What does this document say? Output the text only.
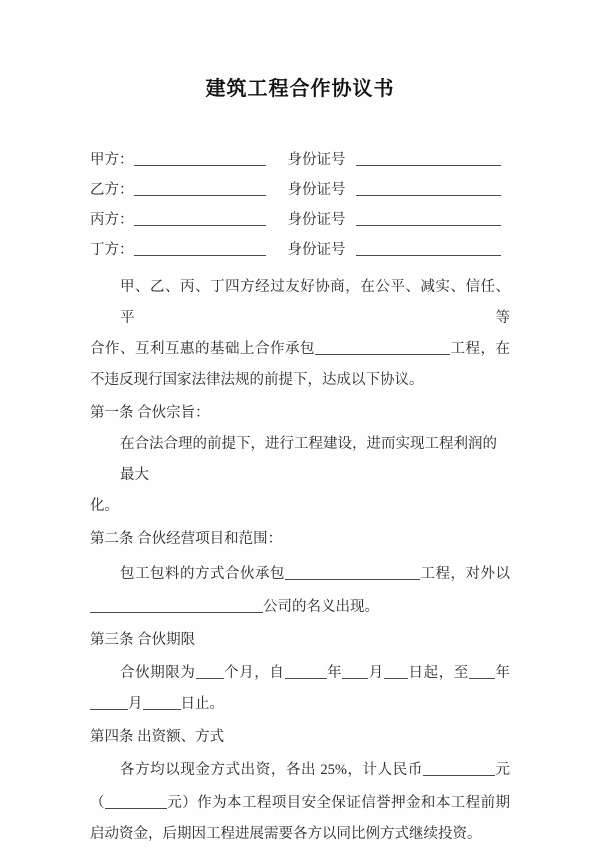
建筑工程合作协议书
甲方：	身份证号
乙方：	身份证号
丙方：	身份证号
丁方：	身份证号
甲、乙、丙、丁四方经过友好协商，在公平、减实、信任、平等
合作、互利互惠的基础上合作承包	工程，在
不违反现行国家法律法规的前提下，达成以下协议。
第一条 合伙宗旨：
在合法合理的前提下，进行工程建设，进而实现工程利润的最大
化。
第二条 合伙经营项目和范围：
包工包料的方式合伙承包	工程，对外以
公司的名义出现。
第三条 合伙期限
合伙期限为 个月，自	年 月 日起，至 年
月	日止。
第四条 出资额、方式
各方均以现金方式出资，各出 25%，计人民币	元
（	元）作为本工程项目安全保证信誉押金和本工程前期
启动资金，后期因工程进展需要各方以同比例方式继续投资。
